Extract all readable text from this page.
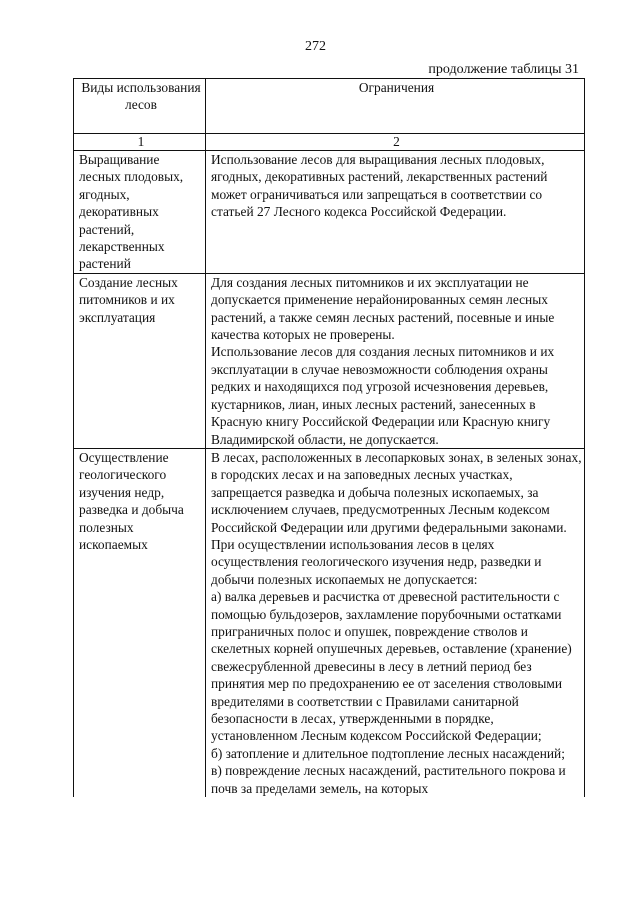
272
продолжение таблицы 31
Виды использования лесов	Ограничения
1	2
Выращивание лесных плодовых, ягодных, декоративных растений, лекарственных растений	Использование лесов для выращивания лесных плодовых, ягодных, декоративных растений, лекарственных растений может ограничиваться или запрещаться в соответствии со статьей 27 Лесного кодекса Российской Федерации.

Создание лесных питомников и их эксплуатация	Для создания лесных питомников и их эксплуатации не допускается применение нерайонированных семян лесных растений, а также семян лесных растений, посевные и иные качества которых не проверены.
Использование лесов для создания лесных питомников и их эксплуатации в случае невозможности соблюдения охраны редких и находящихся под угрозой исчезновения деревьев, кустарников, лиан, иных лесных растений, занесенных в Красную книгу Российской Федерации или Красную книгу Владимирской области, не допускается.

Осуществление геологического изучения недр, разведка и добыча полезных ископаемых	В лесах, расположенных в лесопарковых зонах, в зеленых зонах, в городских лесах и на заповедных лесных участках, запрещается разведка и добыча полезных ископаемых, за исключением случаев, предусмотренных Лесным кодексом Российской Федерации или другими федеральными законами.
При осуществлении использования лесов в целях осуществления геологического изучения недр, разведки и добычи полезных ископаемых не допускается:
а) валка деревьев и расчистка от древесной растительности с помощью бульдозеров, захламление порубочными остатками приграничных полос и опушек, повреждение стволов и скелетных корней опушечных деревьев, оставление (хранение) свежесрубленной древесины в лесу в летний период без принятия мер по предохранению ее от заселения стволовыми вредителями в соответствии с Правилами санитарной безопасности в лесах, утвержденными в порядке, установленном Лесным кодексом Российской Федерации;
б) затопление и длительное подтопление лесных насаждений;
в) повреждение лесных насаждений, растительного покрова и почв за пределами земель, на которых
